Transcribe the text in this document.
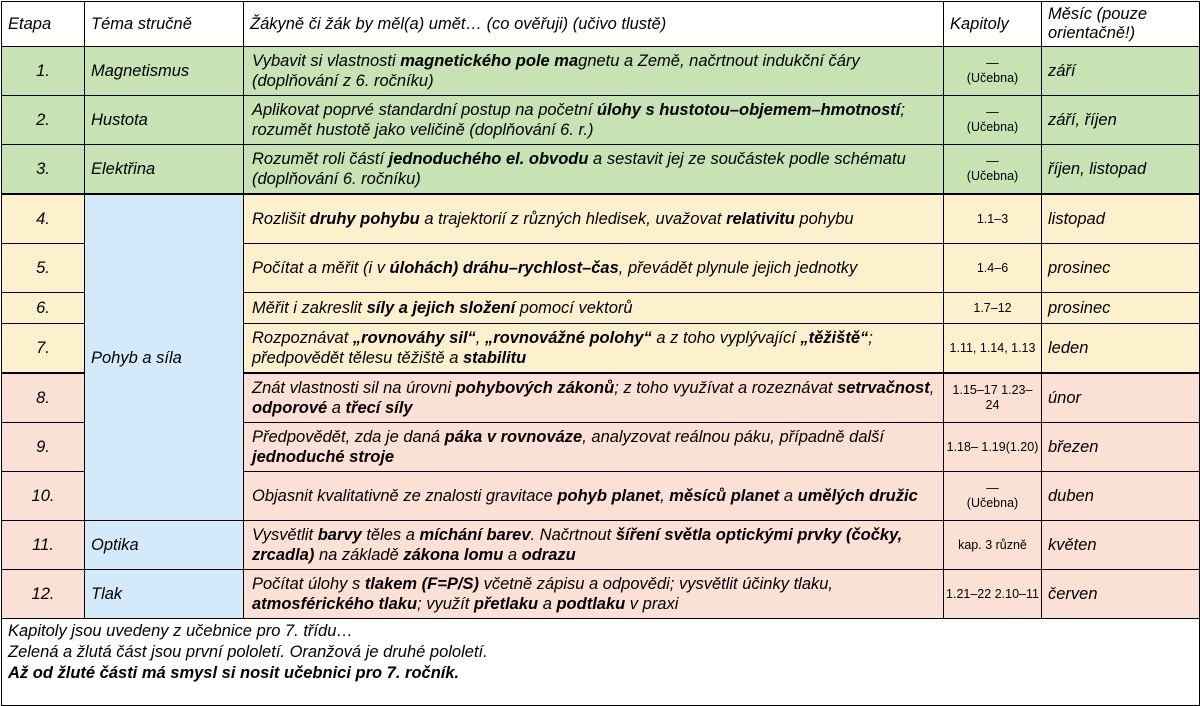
Etapa	Téma stručně	Žákyně či žák by měl(a) umět… (co ověřuji) (učivo tlustě)	Kapitoly	Měsíc (pouze orientačně!)
1.	Magnetismus	Vybavit si vlastnosti magnetického pole magnetu a Země, načrtnout indukční čáry (doplňování z 6. ročníku)	—
(Učebna)	září
2.	Hustota	Aplikovat poprvé standardní postup na početní úlohy s hustotou–objemem–hmotností; rozumět hustotě jako veličině (doplňování 6. r.)	—
(Učebna)	září, říjen
3.	Elektřina	Rozumět roli částí jednoduchého el. obvodu a sestavit jej ze součástek podle schématu (doplňování 6. ročníku)	—
(Učebna)	říjen, listopad
4.	Pohyb a síla	Rozlišit druhy pohybu a trajektorií z různých hledisek, uvažovat relativitu pohybu	1.1–3	listopad
5.		Počítat a měřit (i v úlohách) dráhu–rychlost–čas, převádět plynule jejich jednotky	1.4–6	prosinec
6.		Měřit i zakreslit síly a jejich složení pomocí vektorů	1.7–12	prosinec
7.		Rozpoznávat „rovnováhy sil“, „rovnovážné polohy“ a z toho vyplývající „těžiště“; předpovědět tělesu těžiště a stabilitu	1.11, 1.14, 1.13	leden
8.		Znát vlastnosti sil na úrovni pohybových zákonů; z toho využívat a rozeznávat setrvačnost, odporové a třecí síly	1.15–17 1.23–24	únor
9.		Předpovědět, zda je daná páka v rovnováze, analyzovat reálnou páku, případně další jednoduché stroje	1.18– 1.19(1.20)	březen
10.		Objasnit kvalitativně ze znalosti gravitace pohyb planet, měsíců planet a umělých družic	—
(Učebna)	duben
11.	Optika	Vysvětlit barvy těles a míchání barev. Načrtnout šíření světla optickými prvky (čočky, zrcadla) na základě zákona lomu a odrazu	kap. 3 různě	květen
12.	Tlak	Počítat úlohy s tlakem (F=P/S) včetně zápisu a odpovědi; vysvětlit účinky tlaku, atmosférického tlaku; využít přetlaku a podtlaku v praxi	1.21–22 2.10–11	červen

Kapitoly jsou uvedeny z učebnice pro 7. třídu…
Zelená a žlutá část jsou první pololetí. Oranžová je druhé pololetí.
Až od žluté části má smysl si nosit učebnici pro 7. ročník.				
